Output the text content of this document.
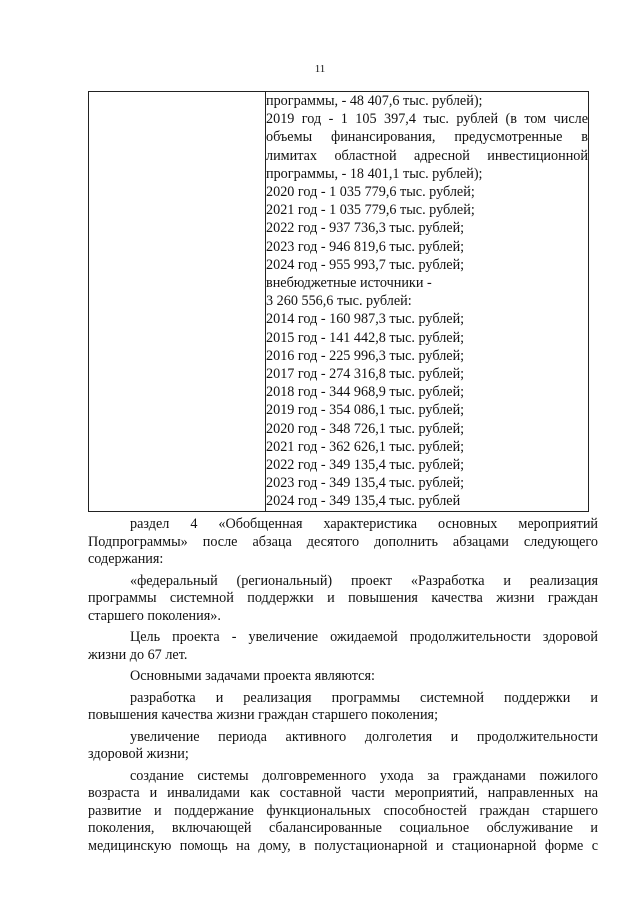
11

программы, - 48 407,6 тыс. рублей);
2019 год - 1 105 397,4 тыс. рублей (в том числе
объемы финансирования, предусмотренные в
лимитах областной адресной инвестиционной
программы, - 18 401,1 тыс. рублей);
2020 год - 1 035 779,6 тыс. рублей;
2021 год - 1 035 779,6 тыс. рублей;
2022 год - 937 736,3 тыс. рублей;
2023 год - 946 819,6 тыс. рублей;
2024 год - 955 993,7 тыс. рублей;
внебюджетные источники -
3 260 556,6 тыс. рублей:
2014 год - 160 987,3 тыс. рублей;
2015 год - 141 442,8 тыс. рублей;
2016 год - 225 996,3 тыс. рублей;
2017 год - 274 316,8 тыс. рублей;
2018 год - 344 968,9 тыс. рублей;
2019 год - 354 086,1 тыс. рублей;
2020 год - 348 726,1 тыс. рублей;
2021 год - 362 626,1 тыс. рублей;
2022 год - 349 135,4 тыс. рублей;
2023 год - 349 135,4 тыс. рублей;
2024 год - 349 135,4 тыс. рублей
раздел 4 «Обобщенная характеристика основных мероприятий
Подпрограммы» после абзаца десятого дополнить абзацами следующего
содержания:
«федеральный (региональный) проект «Разработка и реализация
программы системной поддержки и повышения качества жизни граждан
старшего поколения».
Цель проекта - увеличение ожидаемой продолжительности здоровой
жизни до 67 лет.
Основными задачами проекта являются:
разработка и реализация программы системной поддержки и
повышения качества жизни граждан старшего поколения;
увеличение периода активного долголетия и продолжительности
здоровой жизни;
создание системы долговременного ухода за гражданами пожилого
возраста и инвалидами как составной части мероприятий, направленных на
развитие и поддержание функциональных способностей граждан старшего
поколения, включающей сбалансированные социальное обслуживание и
медицинскую помощь на дому, в полустационарной и стационарной форме с
